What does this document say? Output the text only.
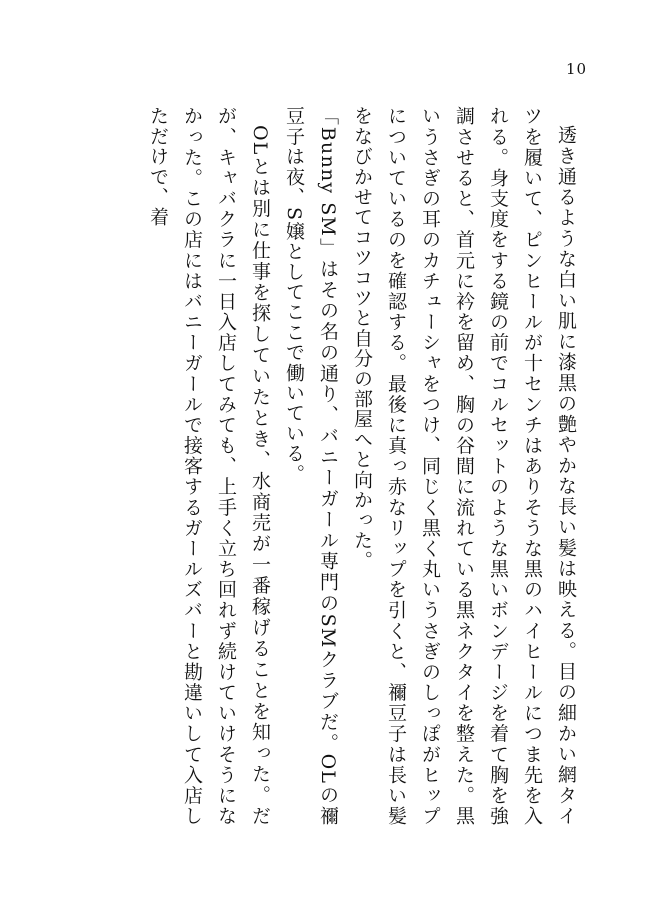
10

透き通るような白い肌に漆黒の艶やかな長い髪は映える。目の細かい網タイツを履いて、ピンヒールが十センチはありそうな黒のハイヒールにつま先を入れる。身支度をする鏡の前でコルセットのような黒いボンデージを着て胸を強調させると、首元に衿を留め、胸の谷間に流れている黒ネクタイを整えた。黒いうさぎの耳のカチューシャをつけ、同じく黒く丸いうさぎのしっぽがヒップについているのを確認する。最後に真っ赤なリップを引くと、禰豆子は長い髪をなびかせてコツコツと自分の部屋へと向かった。

「Bunny SM」はその名の通り、バニーガール専門のSMクラブだ。OLの禰豆子は夜、S嬢としてここで働いている。

OLとは別に仕事を探していたとき、水商売が一番稼げることを知った。だが、キャバクラに一日入店してみても、上手く立ち回れず続けていけそうになかった。この店にはバニーガールで接客するガールズバーと勘違いして入店しただけで、着
